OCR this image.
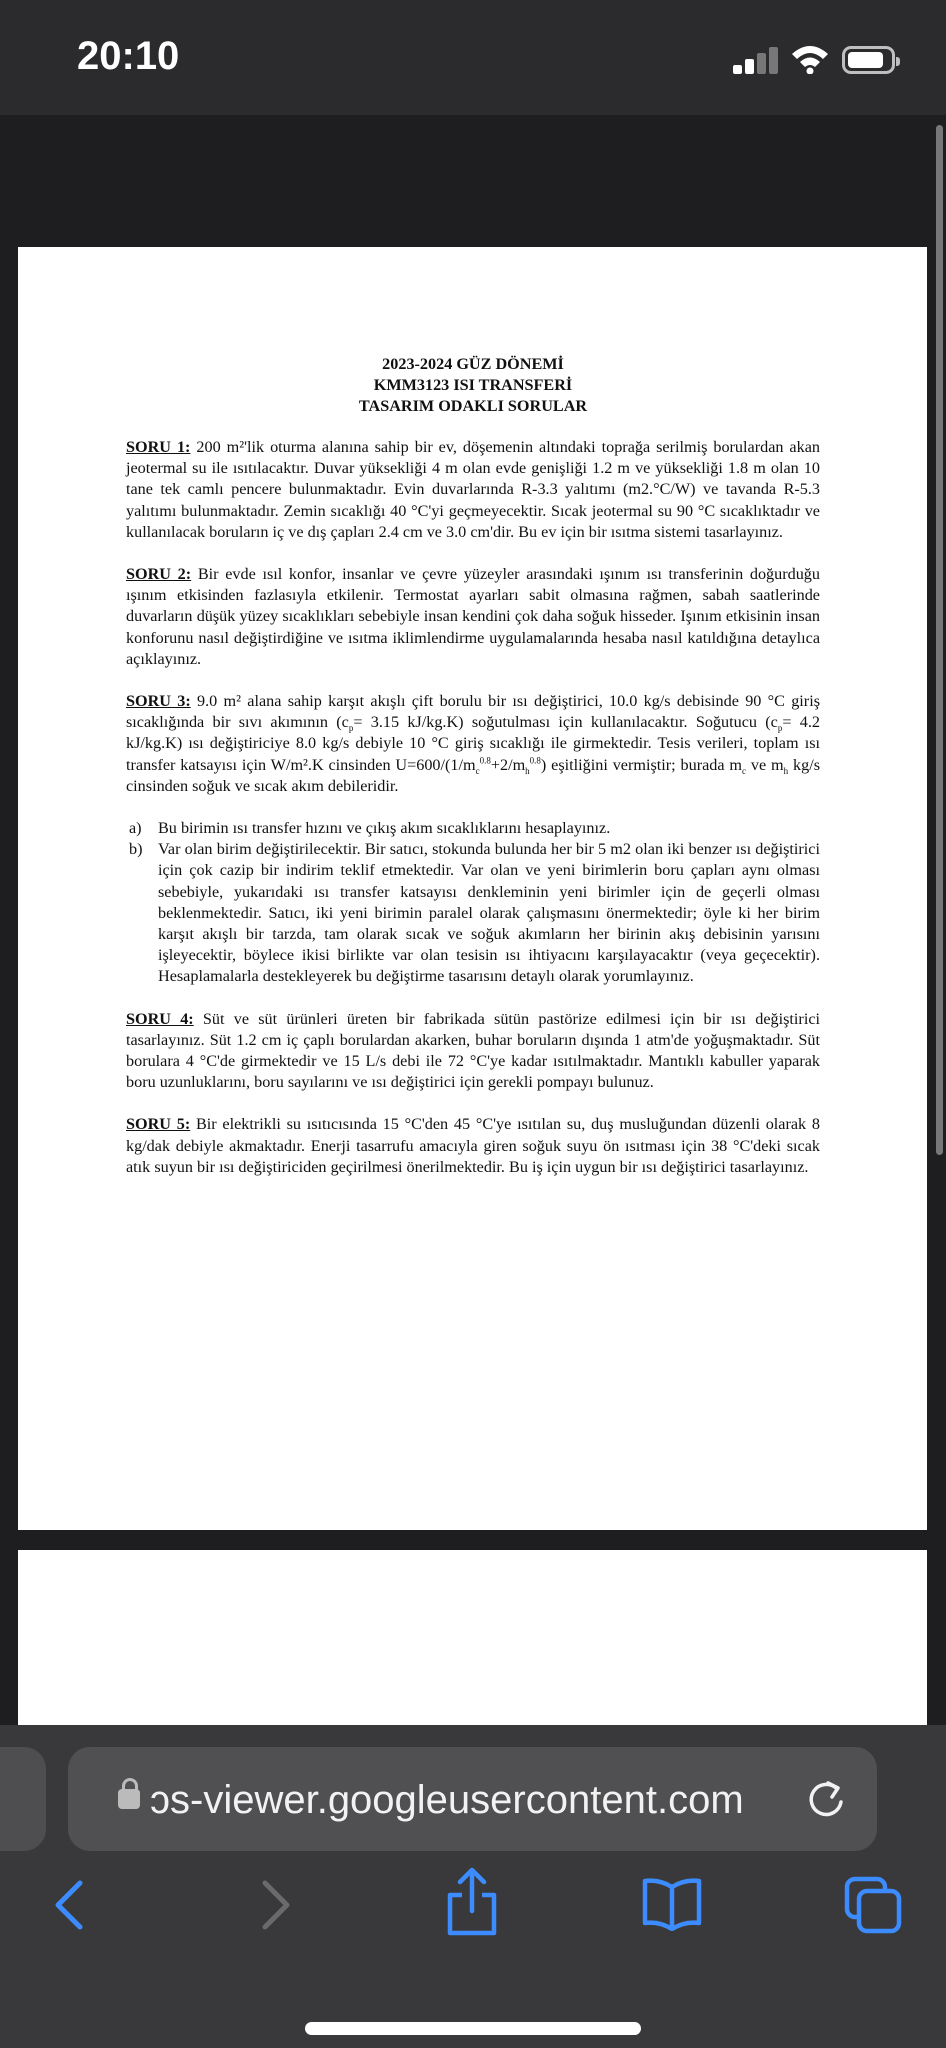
20:10
2023-2024 GÜZ DÖNEMİ
KMM3123 ISI TRANSFERİ
TASARIM ODAKLI SORULAR
SORU 1: 200 m²'lik oturma alanına sahip bir ev, döşemenin altındaki toprağa serilmiş borulardan akan jeotermal su ile ısıtılacaktır. Duvar yüksekliği 4 m olan evde genişliği 1.2 m ve yüksekliği 1.8 m olan 10 tane tek camlı pencere bulunmaktadır. Evin duvarlarında R-3.3 yalıtımı (m2.°C/W) ve tavanda R-5.3 yalıtımı bulunmaktadır. Zemin sıcaklığı 40 °C'yi geçmeyecektir. Sıcak jeotermal su 90 °C sıcaklıktadır ve kullanılacak boruların iç ve dış çapları 2.4 cm ve 3.0 cm'dir. Bu ev için bir ısıtma sistemi tasarlayınız.
SORU 2: Bir evde ısıl konfor, insanlar ve çevre yüzeyler arasındaki ışınım ısı transferinin doğurduğu ışınım etkisinden fazlasıyla etkilenir. Termostat ayarları sabit olmasına rağmen, sabah saatlerinde duvarların düşük yüzey sıcaklıkları sebebiyle insan kendini çok daha soğuk hisseder. Işınım etkisinin insan konforunu nasıl değiştirdiğine ve ısıtma iklimlendirme uygulamalarında hesaba nasıl katıldığına detaylıca açıklayınız.
SORU 3: 9.0 m² alana sahip karşıt akışlı çift borulu bir ısı değiştirici, 10.0 kg/s debisinde 90 °C giriş sıcaklığında bir sıvı akımının ($c_p= 3.15$ kJ/kg.K) soğutulması için kullanılacaktır. Soğutucu ($c_p= 4.2$ kJ/kg.K) ısı değiştiriciye 8.0 kg/s debiyle 10 °C giriş sıcaklığı ile girmektedir. Tesis verileri, toplam ısı transfer katsayısı için W/m².K cinsinden $U=600/(1/m_c^{0.8}+2/m_h^{0.8})$ eşitliğini vermiştir; burada $m_c$ ve $m_h$ kg/s cinsinden soğuk ve sıcak akım debileridir.
a) Bu birimin ısı transfer hızını ve çıkış akım sıcaklıklarını hesaplayınız.
b) Var olan birim değiştirilecektir. Bir satıcı, stokunda bulunda her bir 5 m2 olan iki benzer ısı değiştirici için çok cazip bir indirim teklif etmektedir. Var olan ve yeni birimlerin boru çapları aynı olması sebebiyle, yukarıdaki ısı transfer katsayısı denkleminin yeni birimler için de geçerli olması beklenmektedir. Satıcı, iki yeni birimin paralel olarak çalışmasını önermektedir; öyle ki her birim karşıt akışlı bir tarzda, tam olarak sıcak ve soğuk akımların her birinin akış debisinin yarısını işleyecektir, böylece ikisi birlikte var olan tesisin ısı ihtiyacını karşılayacaktır (veya geçecektir). Hesaplamalarla destekleyerek bu değiştirme tasarısını detaylı olarak yorumlayınız.
SORU 4: Süt ve süt ürünleri üreten bir fabrikada sütün pastörize edilmesi için bir ısı değiştirici tasarlayınız. Süt 1.2 cm iç çaplı borulardan akarken, buhar boruların dışında 1 atm'de yoğuşmaktadır. Süt borulara 4 °C'de girmektedir ve 15 L/s debi ile 72 °C'ye kadar ısıtılmaktadır. Mantıklı kabuller yaparak boru uzunluklarını, boru sayılarını ve ısı değiştirici için gerekli pompayı bulunuz.
SORU 5: Bir elektrikli su ısıtıcısında 15 °C'den 45 °C'ye ısıtılan su, duş musluğundan düzenli olarak 8 kg/dak debiyle akmaktadır. Enerji tasarrufu amacıyla giren soğuk suyu ön ısıtması için 38 °C'deki sıcak atık suyun bir ısı değiştiriciden geçirilmesi önerilmektedir. Bu iş için uygun bir ısı değiştirici tasarlayınız.
ɔs-viewer.googleusercontent.com
